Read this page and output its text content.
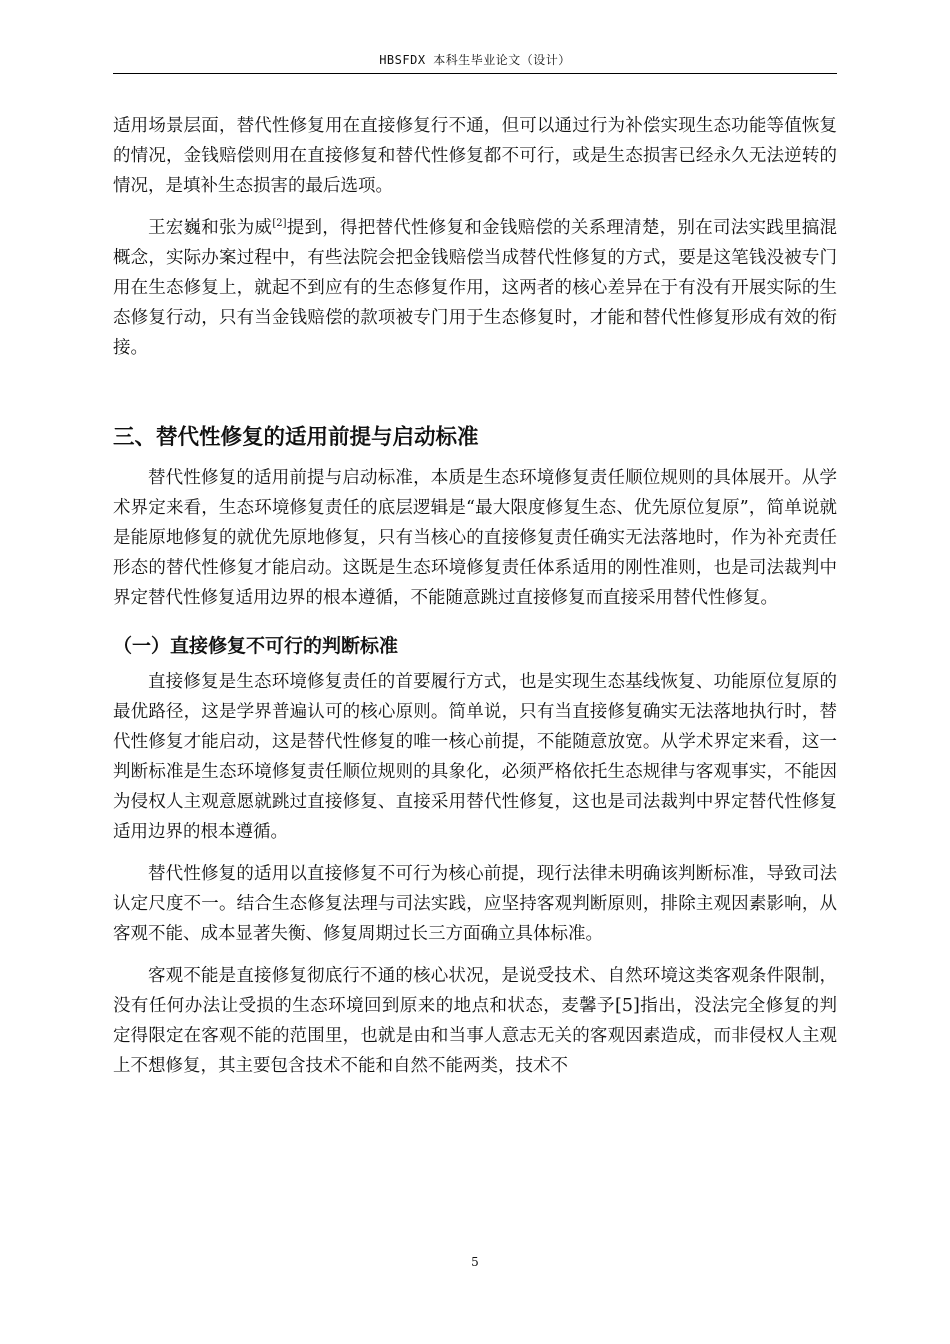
HBSFDX 本科生毕业论文（设计）

适用场景层面，替代性修复用在直接修复行不通，但可以通过行为补偿实现生态功能等值恢复的情况，金钱赔偿则用在直接修复和替代性修复都不可行，或是生态损害已经永久无法逆转的情况，是填补生态损害的最后选项。

王宏巍和张为威[2]提到，得把替代性修复和金钱赔偿的关系理清楚，别在司法实践里搞混概念，实际办案过程中，有些法院会把金钱赔偿当成替代性修复的方式，要是这笔钱没被专门用在生态修复上，就起不到应有的生态修复作用，这两者的核心差异在于有没有开展实际的生态修复行动，只有当金钱赔偿的款项被专门用于生态修复时，才能和替代性修复形成有效的衔接。

三、替代性修复的适用前提与启动标准

替代性修复的适用前提与启动标准，本质是生态环境修复责任顺位规则的具体展开。从学术界定来看，生态环境修复责任的底层逻辑是“最大限度修复生态、优先原位复原”，简单说就是能原地修复的就优先原地修复，只有当核心的直接修复责任确实无法落地时，作为补充责任形态的替代性修复才能启动。这既是生态环境修复责任体系适用的刚性准则，也是司法裁判中界定替代性修复适用边界的根本遵循，不能随意跳过直接修复而直接采用替代性修复。

（一）直接修复不可行的判断标准

直接修复是生态环境修复责任的首要履行方式，也是实现生态基线恢复、功能原位复原的最优路径，这是学界普遍认可的核心原则。简单说，只有当直接修复确实无法落地执行时，替代性修复才能启动，这是替代性修复的唯一核心前提，不能随意放宽。从学术界定来看，这一判断标准是生态环境修复责任顺位规则的具象化，必须严格依托生态规律与客观事实，不能因为侵权人主观意愿就跳过直接修复、直接采用替代性修复，这也是司法裁判中界定替代性修复适用边界的根本遵循。

替代性修复的适用以直接修复不可行为核心前提，现行法律未明确该判断标准，导致司法认定尺度不一。结合生态修复法理与司法实践，应坚持客观判断原则，排除主观因素影响，从客观不能、成本显著失衡、修复周期过长三方面确立具体标准。

客观不能是直接修复彻底行不通的核心状况，是说受技术、自然环境这类客观条件限制，没有任何办法让受损的生态环境回到原来的地点和状态，麦馨予[5]指出，没法完全修复的判定得限定在客观不能的范围里，也就是由和当事人意志无关的客观因素造成，而非侵权人主观上不想修复，其主要包含技术不能和自然不能两类，技术不

5
